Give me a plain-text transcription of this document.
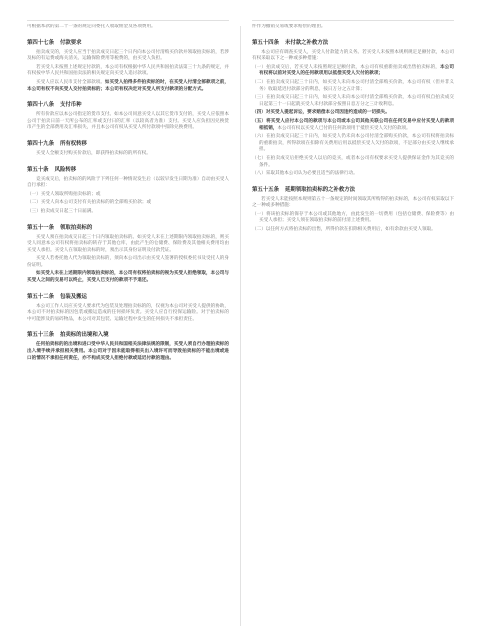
可根据本款的第二十一条的规定向委托人收取佣金及各项费用。

第四十七条 付款要求

拍卖成交的，买受人应当于拍卖成交日起三个日内向本公司付清购买价款并领取拍卖标的，若涉及标的有运费或海关清关、运输保险费用等税费的，由买受人负担。

若买受人未按照上述规定付款的，本公司有权根据中华人民共和国拍卖法第三十九条的规定，并有权按中华人民共和国拍卖法的相关规定向买受人追讨款项。

买受人应以人民币支付全部款项。如买受人拍得多件拍卖标的时，在买受人付清全部款项之前，本公司有权不向买受人交付拍卖标的；本公司有权决定对买受人所支付款项的分配方式。

第四十八条 支付币种

所有价款应以本公司指定的货币支付。如本公司同意买受人以其它货币支付的，买受人应依照本公司于拍卖日前一天所公布的汇率或支付日的汇率（以较高者为准）支付。买受人应负担因兑换货币产生的全部费用及汇率损失，并且本公司有权从买受人所付款项中扣除兑换费用。

第四十九条 所有权转移

买受人全额支付购买价款后，即获得拍卖标的的所有权。

第五十条 风险转移

竞买成交后，拍卖标的的风险于下列任何一种情况发生后（以较早发生日期为准）自动由买受人自行承担：

（一）买受人领取所购拍卖标的；或

（二）买受人向本公司支付有关拍卖标的的全部购买价款；或

（三）拍卖成交日起三十日届满。

第五十一条 领取拍卖标的

买受人须在拍卖成交日起三十日内领取拍卖标的。如买受人未在上述期限内领取拍卖标的，则买受人同意本公司有权将拍卖标的转存于其他仓库，由此产生的仓储费、保险费及其他相关费用均由买受人承担。买受人在领取拍卖标的时，须出示其身份证明及付款凭证。

买受人若委托他人代为领取拍卖标的，须向本公司出示由买受人签署的授权委托书及受托人的身份证明。

如买受人未在上述期限内领取拍卖标的，本公司有权将拍卖标的视为买受人拒绝领取，本公司与买受人之间的交易可以终止，买受人已支付的款项不予退还。

第五十二条 包装及搬运

本公司工作人员应买受人要求代为包装及处理拍卖标的的，仅视为本公司对买受人提供的协助，本公司不对拍卖标的因包装或搬运造成的任何损坏负责。买受人应自行投保运输险。对于拍卖标的中可能涉及的易碎物品，本公司对其包装、运输过程中发生的任何损失不承担责任。

第五十三条 拍卖标的出境和入境

任何拍卖标的的出境和进口受中华人民共和国相关法律法规的限制，买受人须自行办理拍卖标的出入境手续并承担相关费用。本公司对于因未能取得相关出入境许可而导致拍卖标的不能出境或进口的情况不承担任何责任，亦不构成买受人拒绝付款或延迟付款的理由。

件作为撤销交易或要求赔偿的理由。

第五十四条 未付款之补救方法

本公司应有调查买受人，买受人付款能力的义务。若买受人未按照本规则规定足额付款，本公司有权采取以下之一种或多种措施：

（一）拍卖成交后，若买受人未按照规定足额付款，本公司有权重新拍卖或出售拍卖标的，本公司有权将以前对买受人的任何款项用以抵偿买受人欠付的款项；

（二）在拍卖成交日起三十日内，如买受人未向本公司付清全部购买价款，本公司有权（但并非义务）收取延迟付款部分的利息，按日万分之五计算；

（三）在拍卖成交日起三十日内，如买受人未向本公司付清全部购买价款，本公司有权自拍卖成交日起第三十一日起就买受人未付款部分按照日息万分之三计收利息。

（四）对买受人提起诉讼，要求赔偿本公司因违约造成的一切损失。

（五）将买受人应付本公司的款项与本公司或本公司其他关联公司在任何交易中应付买受人的款项相抵销，本公司有权以买受人已付的任何款项用于抵偿买受人欠付的款项。

（六）在拍卖成交日起三十日内，如买受人仍未向本公司付清全部购买价款，本公司有权将拍卖标的重新拍卖，所得款项在扣除有关费用后用以抵偿买受人欠付的款项，不足部分由买受人继续承担。

（七）在拍卖成交后拒绝买受人以后的竞买，或者本公司有权要求买受人提供保证金作为其竞买的条件。

（八）采取其他本公司认为必要且适当的法律行动。

第五十五条 延期领取拍卖标的之补救方法

若买受人未能按照本规则第五十一条规定的时间领取其所购得的拍卖标的，本公司有权采取以下之一种或多种措施：

（一）将该拍卖标的保存于本公司或其他地方，由此发生的一切费用（包括仓储费、保险费等）由买受人承担；买受人须在领取拍卖标的前付清上述费用。

（二）以任何方式将拍卖标的出售，所得价款在扣除相关费用后，如有余款由买受人领取。
